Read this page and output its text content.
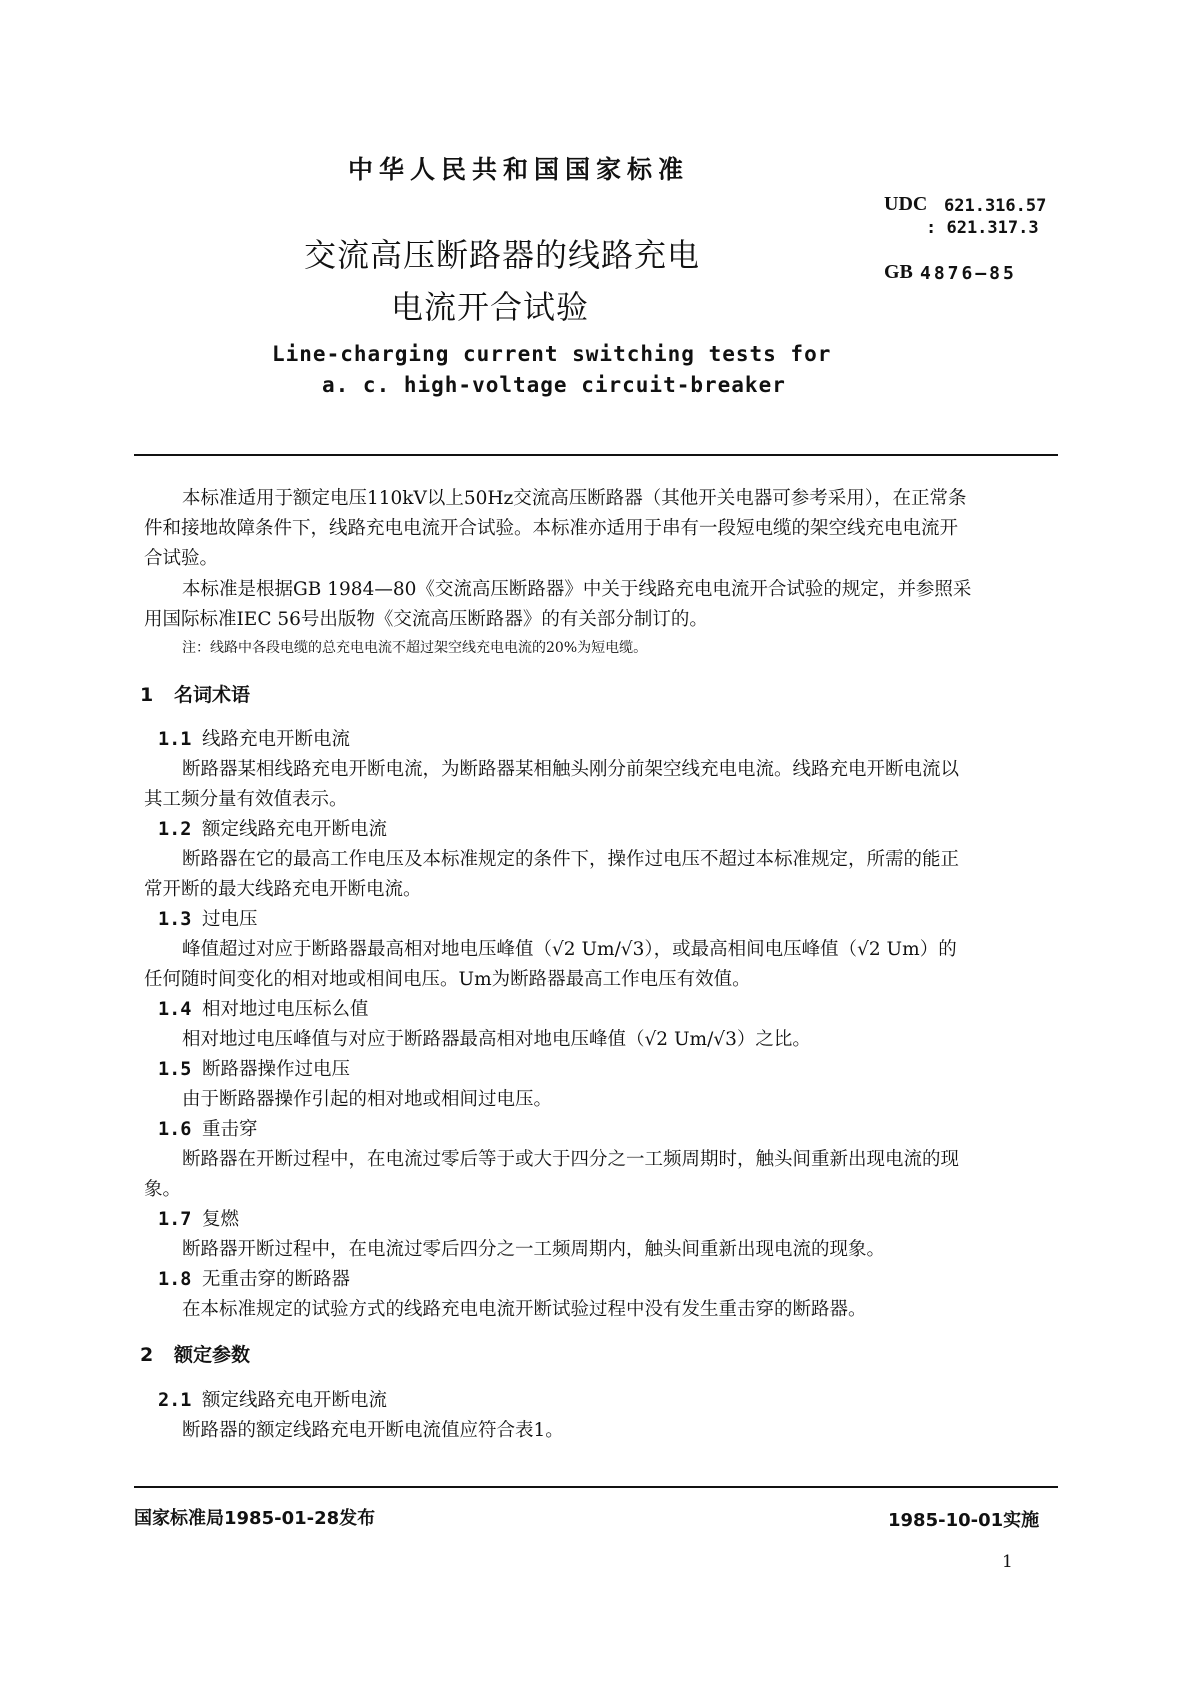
中华人民共和国国家标准
UDC 621.316.57
: 621.317.3
GB 4876—85
交流高压断路器的线路充电
电流开合试验
Line-charging current switching tests for
a. c. high-voltage circuit-breaker
本标准适用于额定电压110kV以上50Hz交流高压断路器（其他开关电器可参考采用），在正常条
件和接地故障条件下，线路充电电流开合试验。本标准亦适用于串有一段短电缆的架空线充电电流开
合试验。
本标准是根据GB 1984—80《交流高压断路器》中关于线路充电电流开合试验的规定，并参照采
用国际标准IEC 56号出版物《交流高压断路器》的有关部分制订的。
注：线路中各段电缆的总充电电流不超过架空线充电电流的20%为短电缆。
1 名词术语
1.1 线路充电开断电流
断路器某相线路充电开断电流，为断路器某相触头刚分前架空线充电电流。线路充电开断电流以
其工频分量有效值表示。
1.2 额定线路充电开断电流
断路器在它的最高工作电压及本标准规定的条件下，操作过电压不超过本标准规定，所需的能正
常开断的最大线路充电开断电流。
1.3 过电压
峰值超过对应于断路器最高相对地电压峰值（√2 Um/√3），或最高相间电压峰值（√2 Um）的
任何随时间变化的相对地或相间电压。Um为断路器最高工作电压有效值。
1.4 相对地过电压标么值
相对地过电压峰值与对应于断路器最高相对地电压峰值（√2 Um/√3）之比。
1.5 断路器操作过电压
由于断路器操作引起的相对地或相间过电压。
1.6 重击穿
断路器在开断过程中，在电流过零后等于或大于四分之一工频周期时，触头间重新出现电流的现
象。
1.7 复燃
断路器开断过程中，在电流过零后四分之一工频周期内，触头间重新出现电流的现象。
1.8 无重击穿的断路器
在本标准规定的试验方式的线路充电电流开断试验过程中没有发生重击穿的断路器。
2 额定参数
2.1 额定线路充电开断电流
断路器的额定线路充电开断电流值应符合表1。
国家标准局1985-01-28发布	1985-10-01实施
1
